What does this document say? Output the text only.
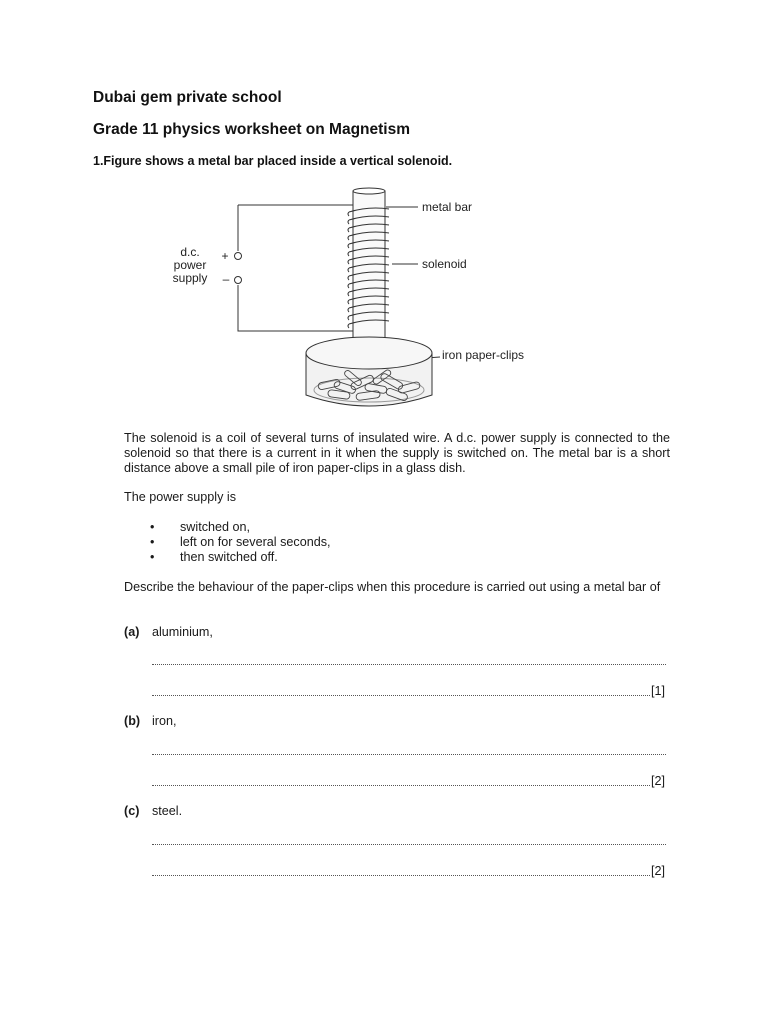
Dubai gem private school
Grade 11 physics worksheet on Magnetism
1.Figure shows a metal bar placed inside a vertical solenoid.
d.c.
power
supply
+
–
metal bar
solenoid
iron paper-clips
The solenoid is a coil of several turns of insulated wire. A d.c. power supply is connected to the solenoid so that there is a current in it when the supply is switched on. The metal bar is a short distance above a small pile of iron paper-clips in a glass dish.
The power supply is
• switched on,
• left on for several seconds,
• then switched off.
Describe the behaviour of the paper-clips when this procedure is carried out using a metal bar of
(a) aluminium,
[1]
(b) iron,
[2]
(c) steel.
[2]
